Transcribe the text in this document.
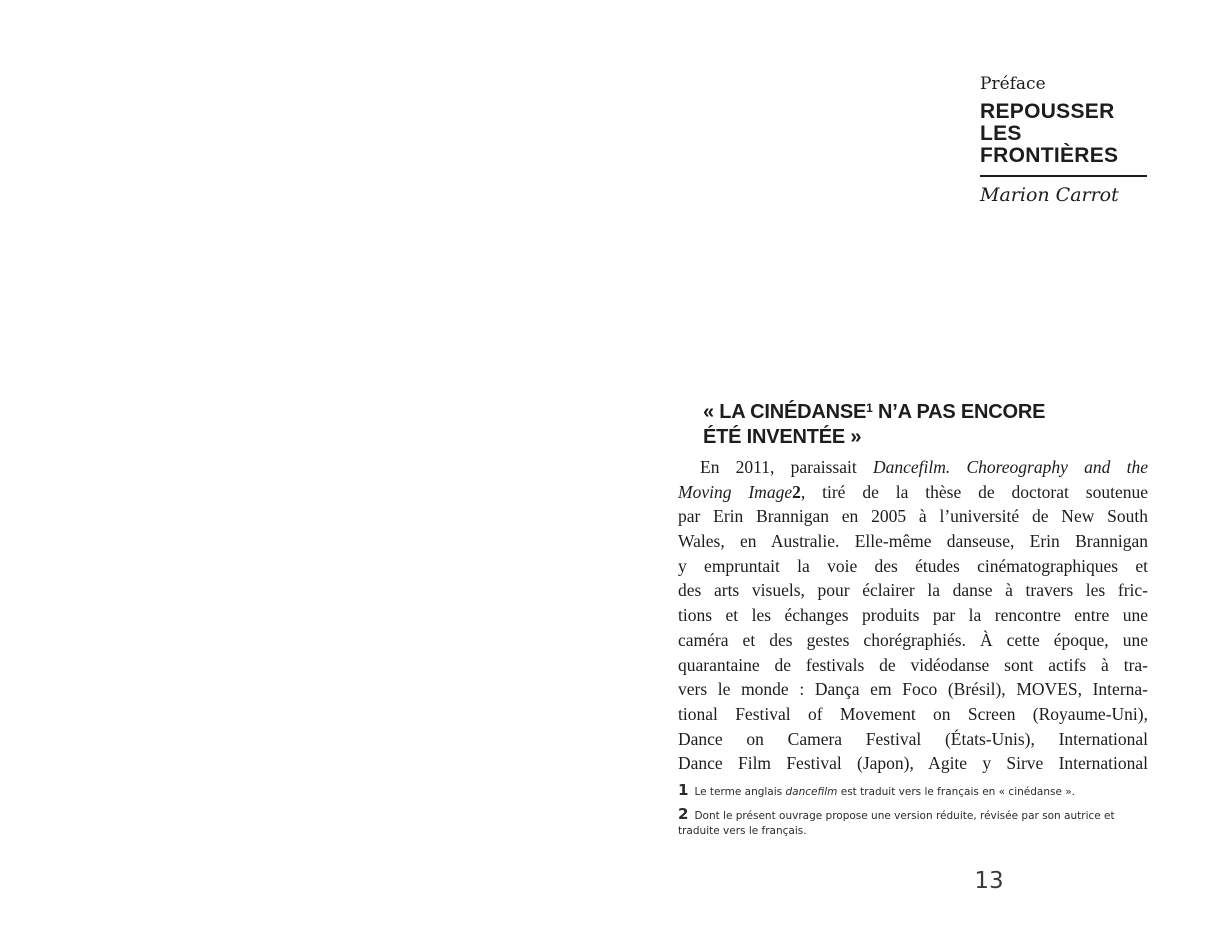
Préface
REPOUSSER
LES
FRONTIÈRES
Marion Carrot
« LA CINÉDANSE$^1$ N’A PAS ENCORE
ÉTÉ INVENTÉE »
En 2011, paraissait Dancefilm. Choreography and the
Moving Image2, tiré de la thèse de doctorat soutenue
par Erin Brannigan en 2005 à l’université de New South
Wales, en Australie. Elle-même danseuse, Erin Brannigan
y empruntait la voie des études cinématographiques et
des arts visuels, pour éclairer la danse à travers les fric-
tions et les échanges produits par la rencontre entre une
caméra et des gestes chorégraphiés. À cette époque, une
quarantaine de festivals de vidéodanse sont actifs à tra-
vers le monde : Dança em Foco (Brésil), MOVES, Interna-
tional Festival of Movement on Screen (Royaume-Uni),
Dance on Camera Festival (États-Unis), International
Dance Film Festival (Japon), Agite y Sirve International
1 Le terme anglais dancefilm est traduit vers le français en « cinédanse ».
2 Dont le présent ouvrage propose une version réduite, révisée par son autrice et traduite vers le français.
13
